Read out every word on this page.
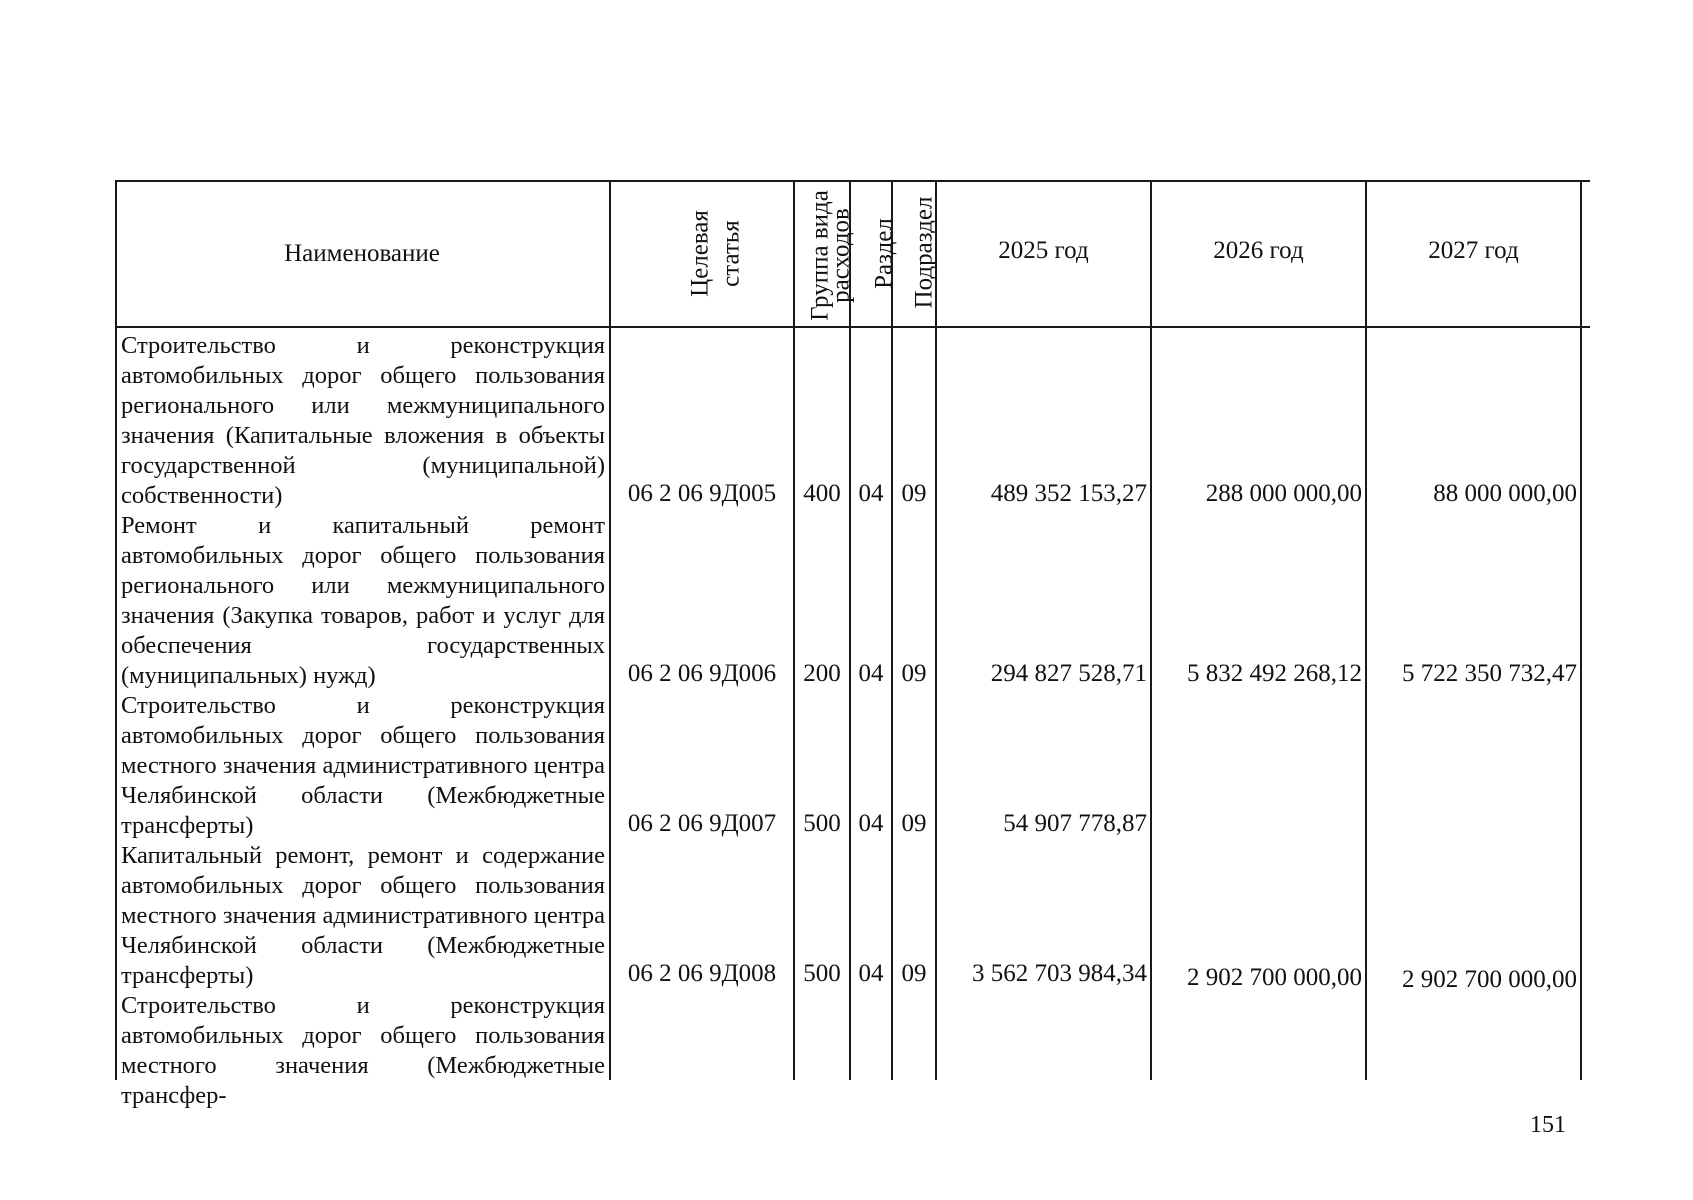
Наименование	Целевая статья Группа вида
расходов Раздел Подраздел	2025 год	2026 год	2027 год
Строительство и реконструкция автомобильных дорог общего пользования регионального или межмуниципального значения (Капитальные вложения в объекты государственной (муниципальной) собственности)	06 2 06 9Д005	400 04 09	489 352 153,27	288 000 000,00	88 000 000,00
Ремонт и капитальный ремонт автомобильных дорог общего пользования регионального или межмуниципального значения (Закупка товаров, работ и услуг для обеспечения государственных (муниципальных) нужд)	06 2 06 9Д006	200 04 09	294 827 528,71	5 832 492 268,12	5 722 350 732,47
Строительство и реконструкция автомобильных дорог общего пользования местного значения административного центра Челябинской области (Межбюджетные трансферты)	06 2 06 9Д007	500 04 09	54 907 778,87
Капитальный ремонт, ремонт и содержание автомобильных дорог общего пользования местного значения административного центра Челябинской области (Межбюджетные трансферты)	06 2 06 9Д008	500 04 09	3 562 703 984,34	2 902 700 000,00	2 902 700 000,00
Строительство и реконструкция автомобильных дорог общего пользования местного значения (Межбюджетные трансфер-
151
